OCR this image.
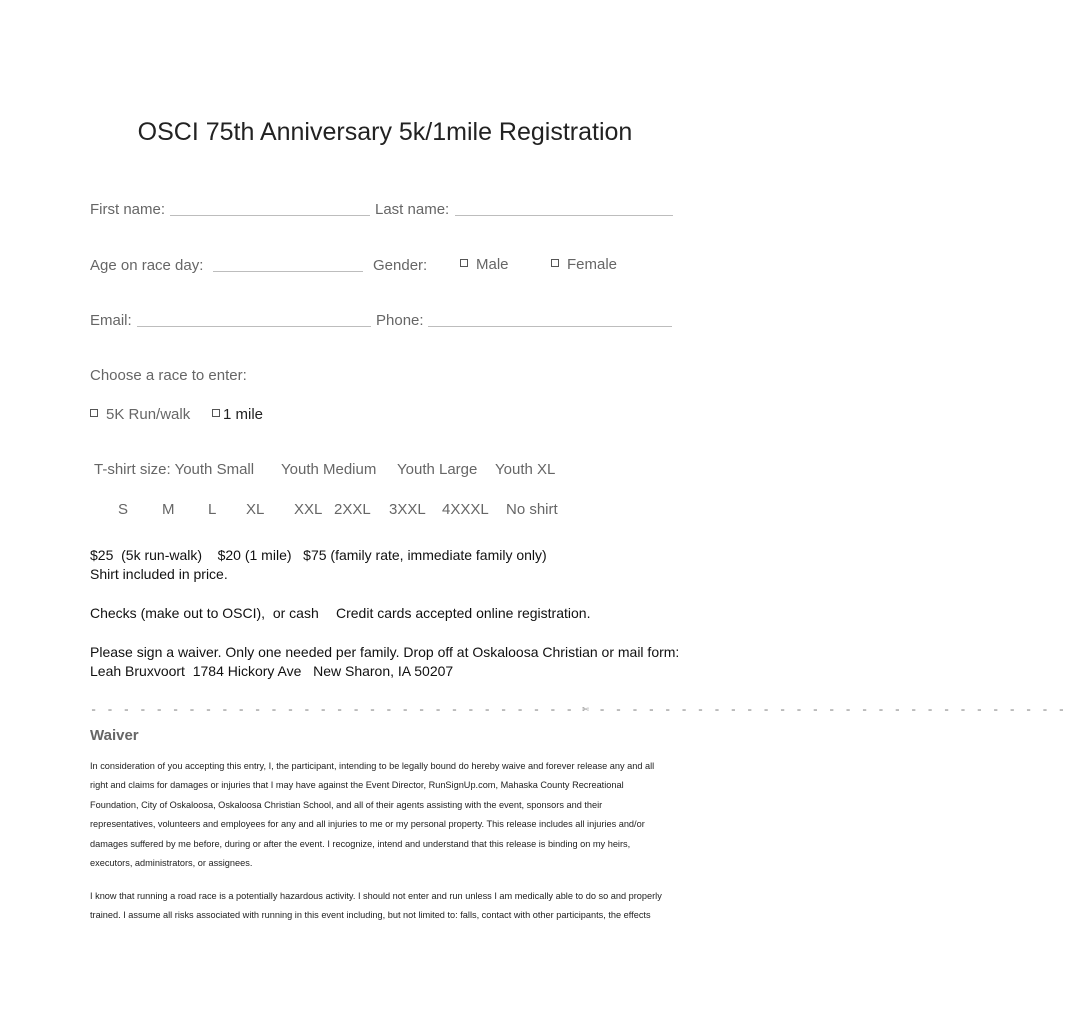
OSCI 75th Anniversary 5k/1mile Registration
First name:	Last name:
Age on race day:	Gender:	Male	Female
Email:	Phone:
Choose a race to enter:
5K Run/walk	1 mile
T-shirt size: Youth Small Youth Medium Youth Large Youth XL
S M L XL XXL 2XXL 3XXL 4XXXL No shirt
$25  (5k run-walk)    $20 (1 mile)   $75 (family rate, immediate family only)
Shirt included in price.
Checks (make out to OSCI),  or cash Credit cards accepted online registration.
Please sign a waiver. Only one needed per family. Drop off at Oskaloosa Christian or mail form:
Leah Bruxvoort  1784 Hickory Ave   New Sharon, IA 50207
- - - - - - - - - - - - - - - - - - - - - - - - - - - - - - ✄ - - - - - - - - - - - - - - - - - - - - - - - - - - - - -
Waiver
In consideration of you accepting this entry, I, the participant, intending to be legally bound do hereby waive and forever release any and all
right and claims for damages or injuries that I may have against the Event Director, RunSignUp.com, Mahaska County Recreational
Foundation, City of Oskaloosa, Oskaloosa Christian School, and all of their agents assisting with the event, sponsors and their
representatives, volunteers and employees for any and all injuries to me or my personal property. This release includes all injuries and/or
damages suffered by me before, during or after the event. I recognize, intend and understand that this release is binding on my heirs,
executors, administrators, or assignees.
I know that running a road race is a potentially hazardous activity. I should not enter and run unless I am medically able to do so and properly
trained. I assume all risks associated with running in this event including, but not limited to: falls, contact with other participants, the effects
